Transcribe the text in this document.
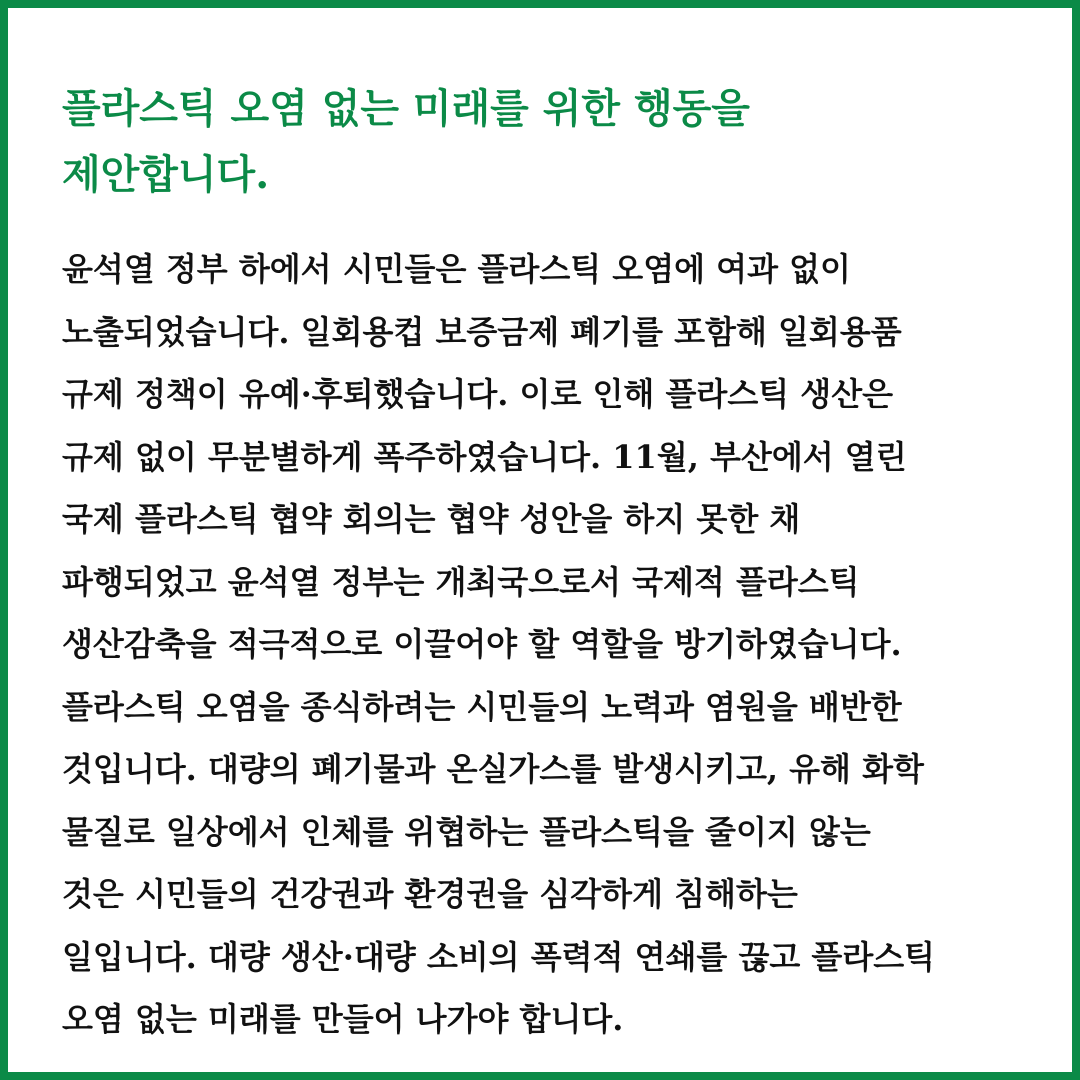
플라스틱 오염 없는 미래를 위한 행동을
제안합니다.
윤석열 정부 하에서 시민들은 플라스틱 오염에 여과 없이
노출되었습니다. 일회용컵 보증금제 폐기를 포함해 일회용품
규제 정책이 유예·후퇴했습니다. 이로 인해 플라스틱 생산은
규제 없이 무분별하게 폭주하였습니다. 11월, 부산에서 열린
국제 플라스틱 협약 회의는 협약 성안을 하지 못한 채
파행되었고 윤석열 정부는 개최국으로서 국제적 플라스틱
생산감축을 적극적으로 이끌어야 할 역할을 방기하였습니다.
플라스틱 오염을 종식하려는 시민들의 노력과 염원을 배반한
것입니다. 대량의 폐기물과 온실가스를 발생시키고, 유해 화학
물질로 일상에서 인체를 위협하는 플라스틱을 줄이지 않는
것은 시민들의 건강권과 환경권을 심각하게 침해하는
일입니다. 대량 생산·대량 소비의 폭력적 연쇄를 끊고 플라스틱
오염 없는 미래를 만들어 나가야 합니다.
